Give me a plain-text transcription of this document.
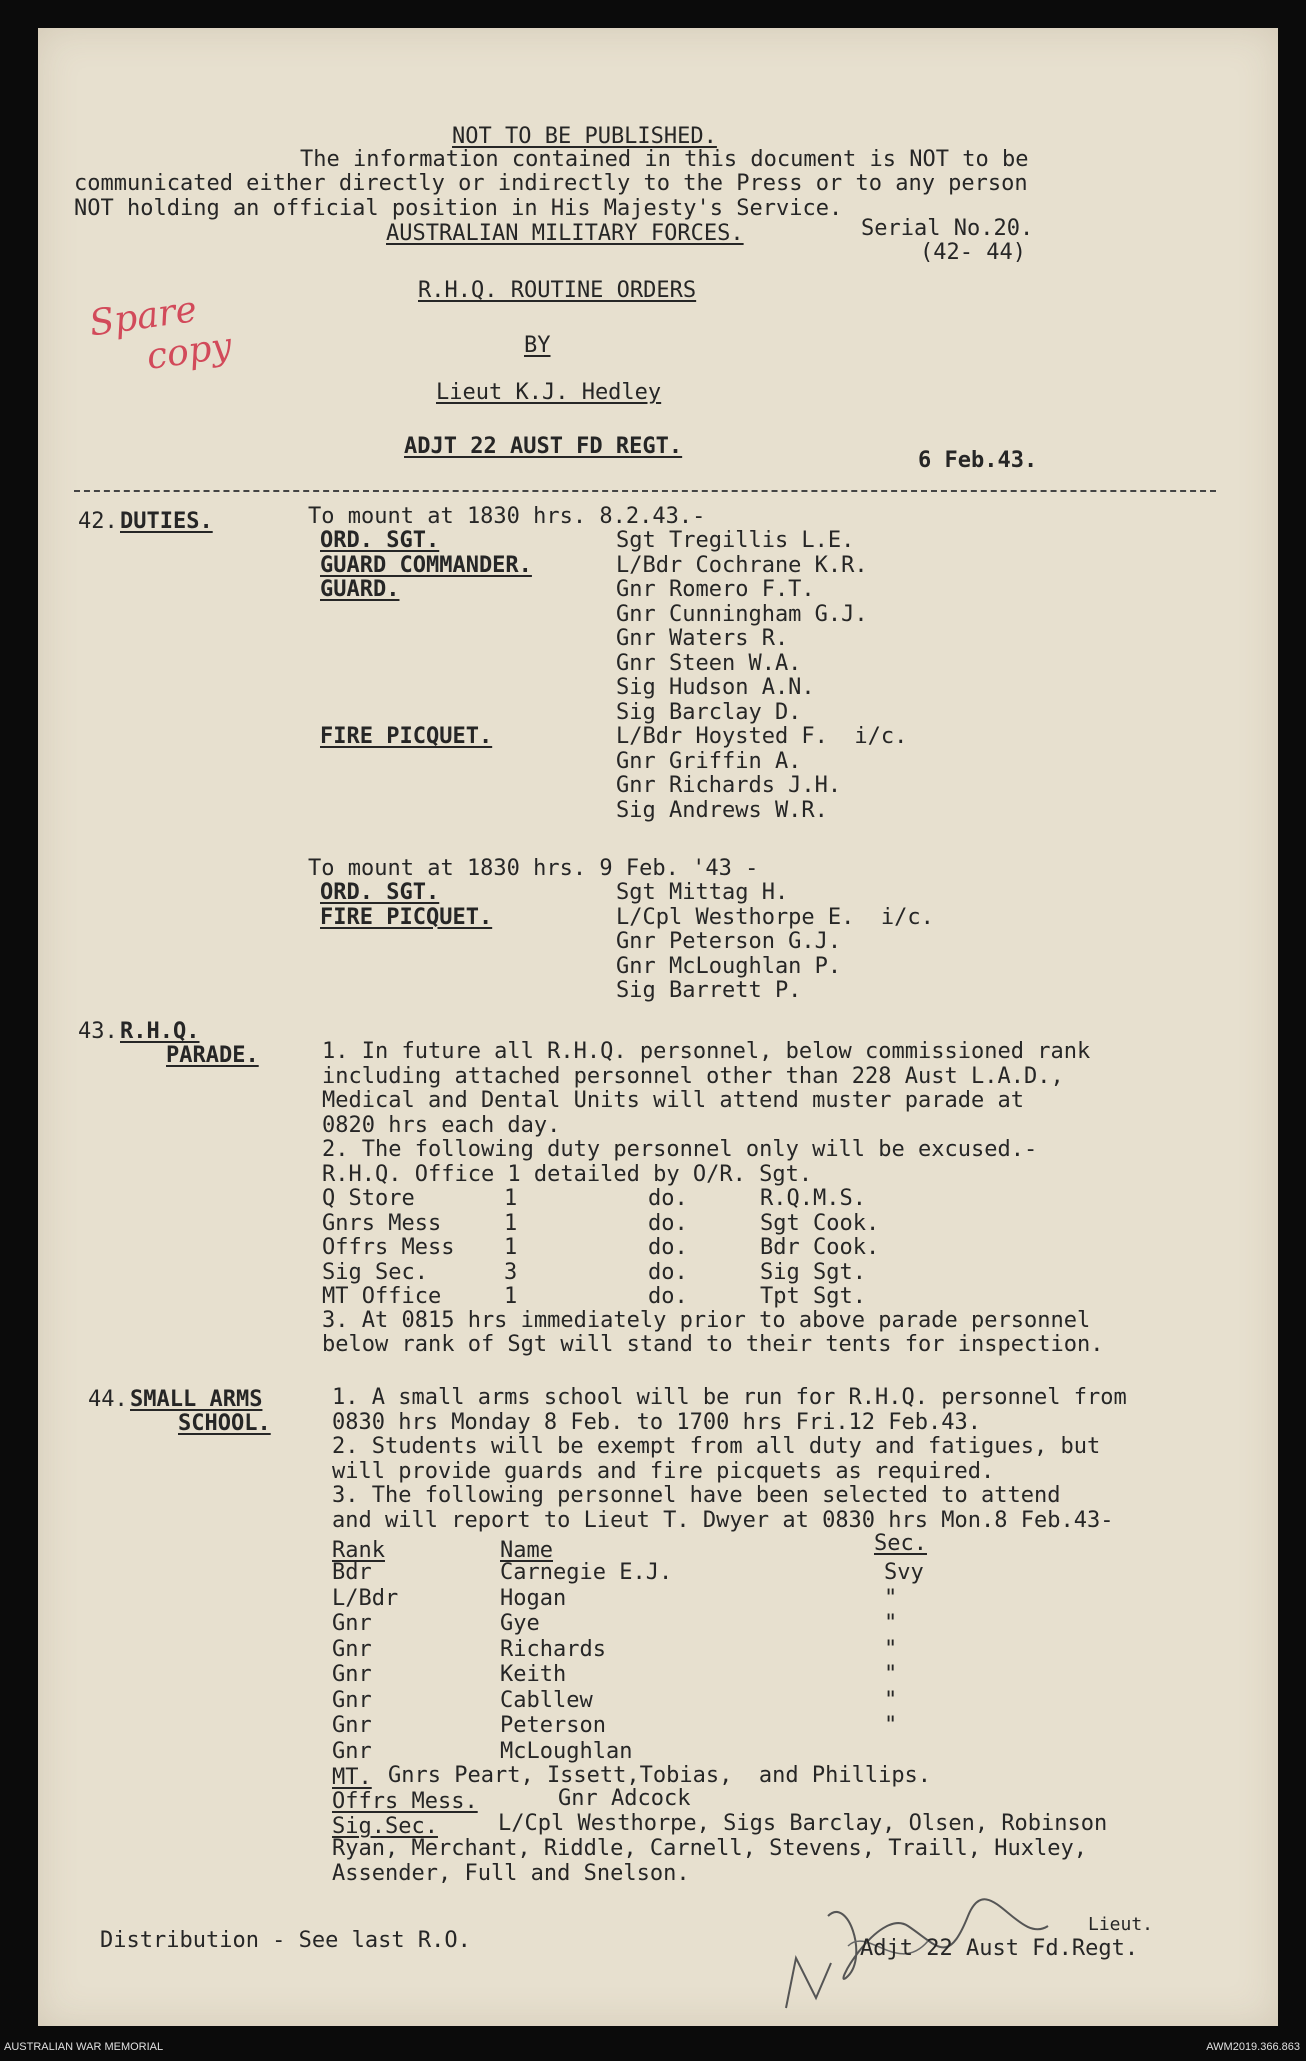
NOT TO BE PUBLISHED.
The information contained in this document is NOT to be
communicated either directly or indirectly to the Press or to any person
NOT holding an official position in His Majesty's Service.
AUSTRALIAN MILITARY FORCES.	Serial No.20.
(42- 44)
Spare
copy
R.H.Q. ROUTINE ORDERS
BY
Lieut K.J. Hedley
ADJT 22 AUST FD REGT.
6 Feb.43.
42. DUTIES.	To mount at 1830 hrs. 8.2.43.-
ORD. SGT.	Sgt Tregillis L.E.
GUARD COMMANDER.	L/Bdr Cochrane K.R.
GUARD.	Gnr Romero F.T.
Gnr Cunningham G.J.
Gnr Waters R.
Gnr Steen W.A.
Sig Hudson A.N.
Sig Barclay D.
FIRE PICQUET.	L/Bdr Hoysted F.  i/c.
Gnr Griffin A.
Gnr Richards J.H.
Sig Andrews W.R.
To mount at 1830 hrs. 9 Feb. '43 -
ORD. SGT.	Sgt Mittag H.
FIRE PICQUET.	L/Cpl Westhorpe E.  i/c.
Gnr Peterson G.J.
Gnr McLoughlan P.
Sig Barrett P.
43. R.H.Q.
PARADE.	1. In future all R.H.Q. personnel, below commissioned rank
including attached personnel other than 228 Aust L.A.D.,
Medical and Dental Units will attend muster parade at
0820 hrs each day.
2. The following duty personnel only will be excused.-
R.H.Q. Office 1 detailed by O/R. Sgt.
Q Store	1	do.	R.Q.M.S.
Gnrs Mess	1	do.	Sgt Cook.
Offrs Mess 1	do.	Bdr Cook.
Sig Sec.	3	do.	Sig Sgt.
MT Office	1	do.	Tpt Sgt.
3. At 0815 hrs immediately prior to above parade personnel
below rank of Sgt will stand to their tents for inspection.
44. SMALL ARMS
SCHOOL.
1. A small arms school will be run for R.H.Q. personnel from
0830 hrs Monday 8 Feb. to 1700 hrs Fri.12 Feb.43.
2. Students will be exempt from all duty and fatigues, but
will provide guards and fire picquets as required.
3. The following personnel have been selected to attend
and will report to Lieut T. Dwyer at 0830 hrs Mon.8 Feb.43-
Rank	Name	Sec.
Bdr	Carnegie E.J.	Svy
L/Bdr	Hogan	"
Gnr	Gye	"
Gnr	Richards	"
Gnr	Keith	"
Gnr	Cabllew	"
Gnr	Peterson	"
Gnr	McLoughlan
MT. Gnrs Peart, Issett,Tobias,  and Phillips.
Offrs Mess.	Gnr Adcock
Sig.Sec.	L/Cpl Westhorpe, Sigs Barclay, Olsen, Robinson
Ryan, Merchant, Riddle, Carnell, Stevens, Traill, Huxley,
Assender, Full and Snelson.
Distribution - See last R.O.
Lieut.
Adjt 22 Aust Fd.Regt.
AUSTRALIAN WAR MEMORIAL	AWM2019.366.863
